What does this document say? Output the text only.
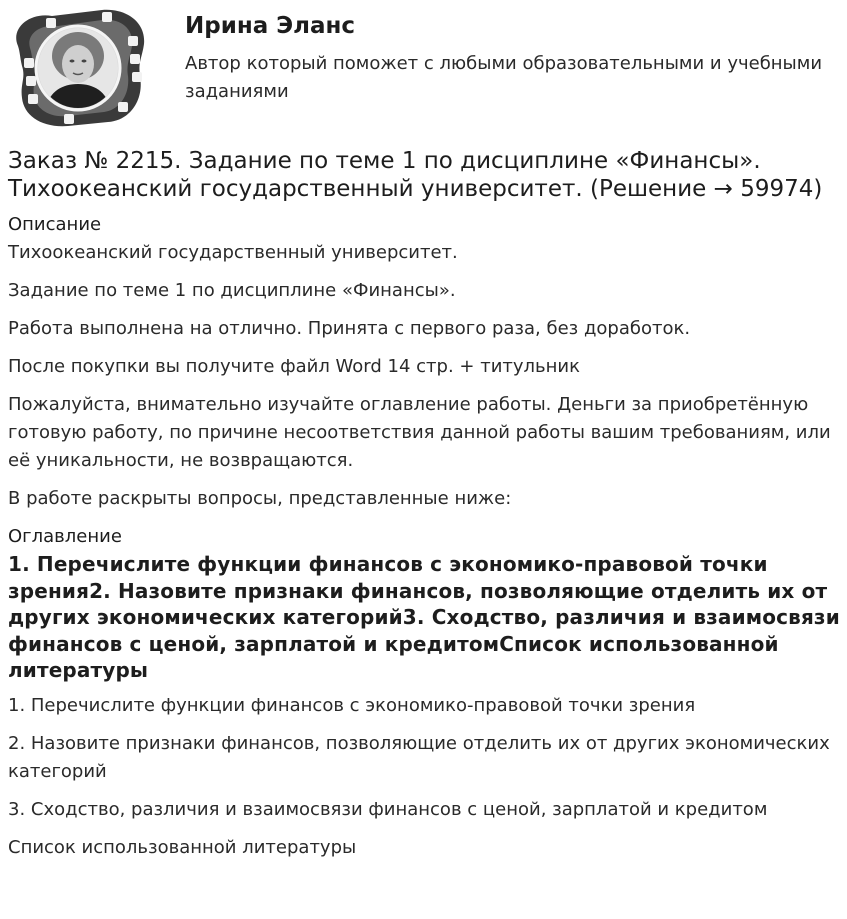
Ирина Эланс
Автор который поможет с любыми образовательными и учебными заданиями
Заказ № 2215. Задание по теме 1 по дисциплине «Финансы». Тихоокеанский государственный университет. (Решение → 59974)
Описание

Тихоокеанский государственный университет.

Задание по теме 1 по дисциплине «Финансы».

Работа выполнена на отлично. Принята с первого раза, без доработок.

После покупки вы получите файл Word 14 стр. + титульник

Пожалуйста, внимательно изучайте оглавление работы. Деньги за приобретённую готовую работу, по причине несоответствия данной работы вашим требованиям, или её уникальности, не возвращаются.

В работе раскрыты вопросы, представленные ниже:

Оглавление

1. Перечислите функции финансов с экономико-правовой точки зрения2. Назовите признаки финансов, позволяющие отделить их от других экономических категорий3. Сходство, различия и взаимосвязи финансов с ценой, зарплатой и кредитомСписок использованной литературы

1. Перечислите функции финансов с экономико-правовой точки зрения

2. Назовите признаки финансов, позволяющие отделить их от других экономических категорий

3. Сходство, различия и взаимосвязи финансов с ценой, зарплатой и кредитом

Список использованной литературы
